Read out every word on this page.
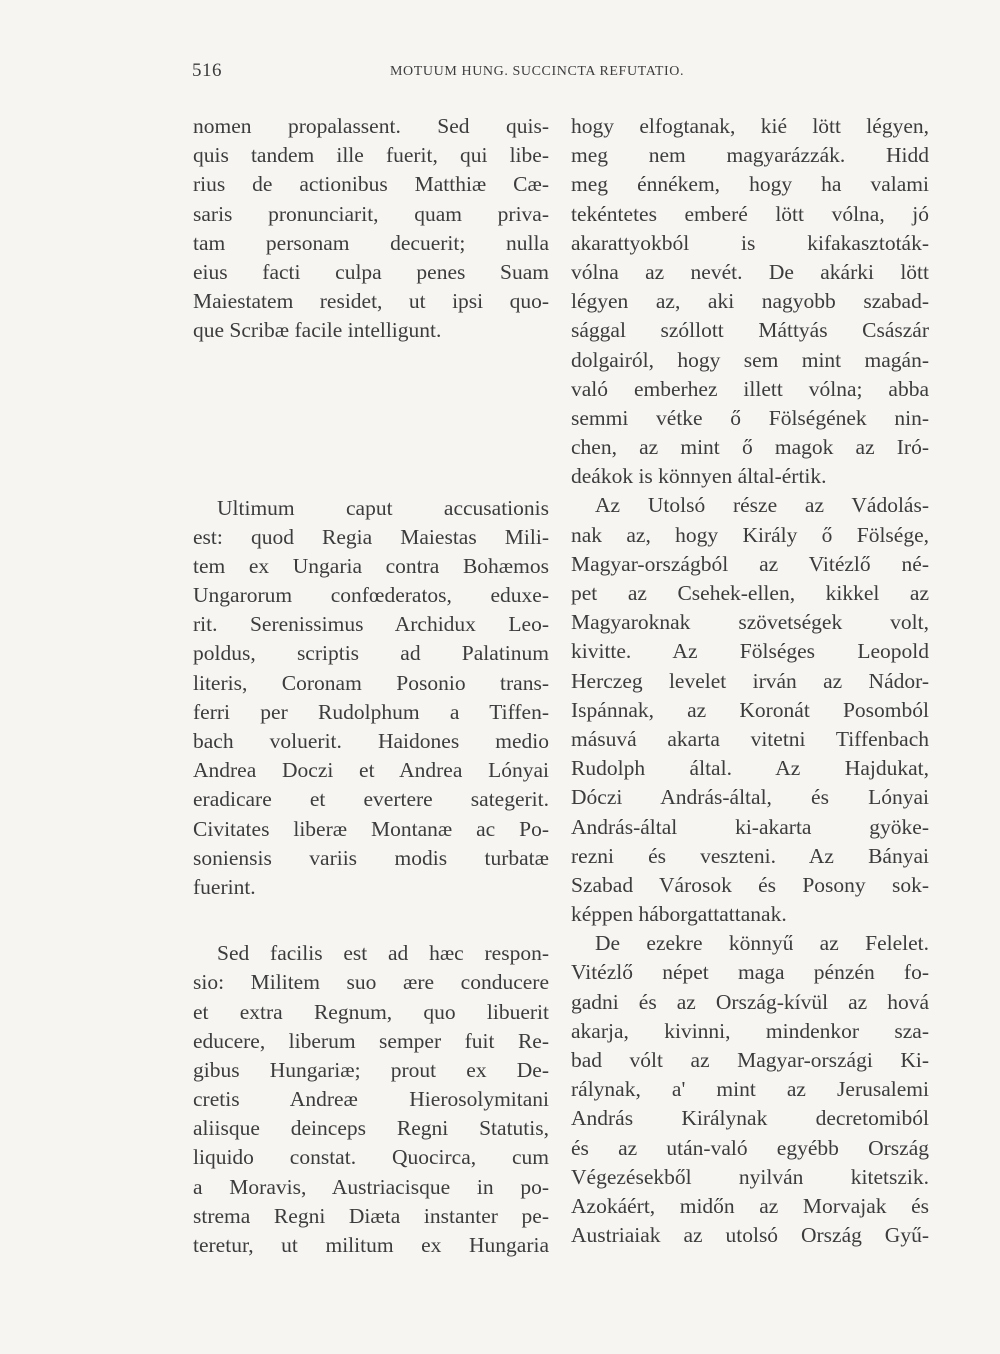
516	MOTUUM HUNG. SUCCINCTA REFUTATIO.
nomen propalassent. Sed quis-
quis tandem ille fuerit, qui libe-
rius de actionibus Matthiæ Cæ-
saris pronunciarit, quam priva-
tam personam decuerit; nulla
eius facti culpa penes Suam
Maiestatem residet, ut ipsi quo-
que Scribæ facile intelligunt.
Ultimum caput accusationis
est: quod Regia Maiestas Mili-
tem ex Ungaria contra Bohæmos
Ungarorum confœderatos, eduxe-
rit. Serenissimus Archidux Leo-
poldus, scriptis ad Palatinum
literis, Coronam Posonio trans-
ferri per Rudolphum a Tiffen-
bach voluerit. Haidones medio
Andrea Doczi et Andrea Lónyai
eradicare et evertere sategerit.
Civitates liberæ Montanæ ac Po-
soniensis variis modis turbatæ
fuerint.
Sed facilis est ad hæc respon-
sio: Militem suo ære conducere
et extra Regnum, quo libuerit
educere, liberum semper fuit Re-
gibus Hungariæ; prout ex De-
cretis Andreæ Hierosolymitani
aliisque deinceps Regni Statutis,
liquido constat. Quocirca, cum
a Moravis, Austriacisque in po-
strema Regni Diæta instanter pe-
teretur, ut militum ex Hungaria
hogy elfogtanak, kié lött légyen,
meg nem magyarázzák. Hidd
meg énnékem, hogy ha valami
tekéntetes emberé lött vólna, jó
akarattyokból is kifakasztoták-
vólna az nevét. De akárki lött
légyen az, aki nagyobb szabad-
sággal szóllott Máttyás Császár
dolgairól, hogy sem mint magán-
való emberhez illett vólna; abba
semmi vétke ő Fölségének nin-
chen, az mint ő magok az Iró-
deákok is könnyen által-értik.
Az Utolsó része az Vádolás-
nak az, hogy Király ő Fölsége,
Magyar-országból az Vitézlő né-
pet az Csehek-ellen, kikkel az
Magyaroknak szövetségek volt,
kivitte. Az Fölséges Leopold
Herczeg levelet irván az Nádor-
Ispánnak, az Koronát Posomból
másuvá akarta vitetni Tiffenbach
Rudolph által. Az Hajdukat,
Dóczi András-által, és Lónyai
András-által ki-akarta gyöke-
rezni és veszteni. Az Bányai
Szabad Városok és Posony sok-
képpen háborgattattanak.
De ezekre könnyű az Felelet.
Vitézlő népet maga pénzén fo-
gadni és az Ország-kívül az hová
akarja, kivinni, mindenkor sza-
bad vólt az Magyar-országi Ki-
rálynak, a' mint az Jerusalemi
András Királynak decretomiból
és az után-való egyébb Ország
Végezésekből nyilván kitetszik.
Azokáért, midőn az Morvajak és
Austriaiak az utolsó Ország Gyű-
